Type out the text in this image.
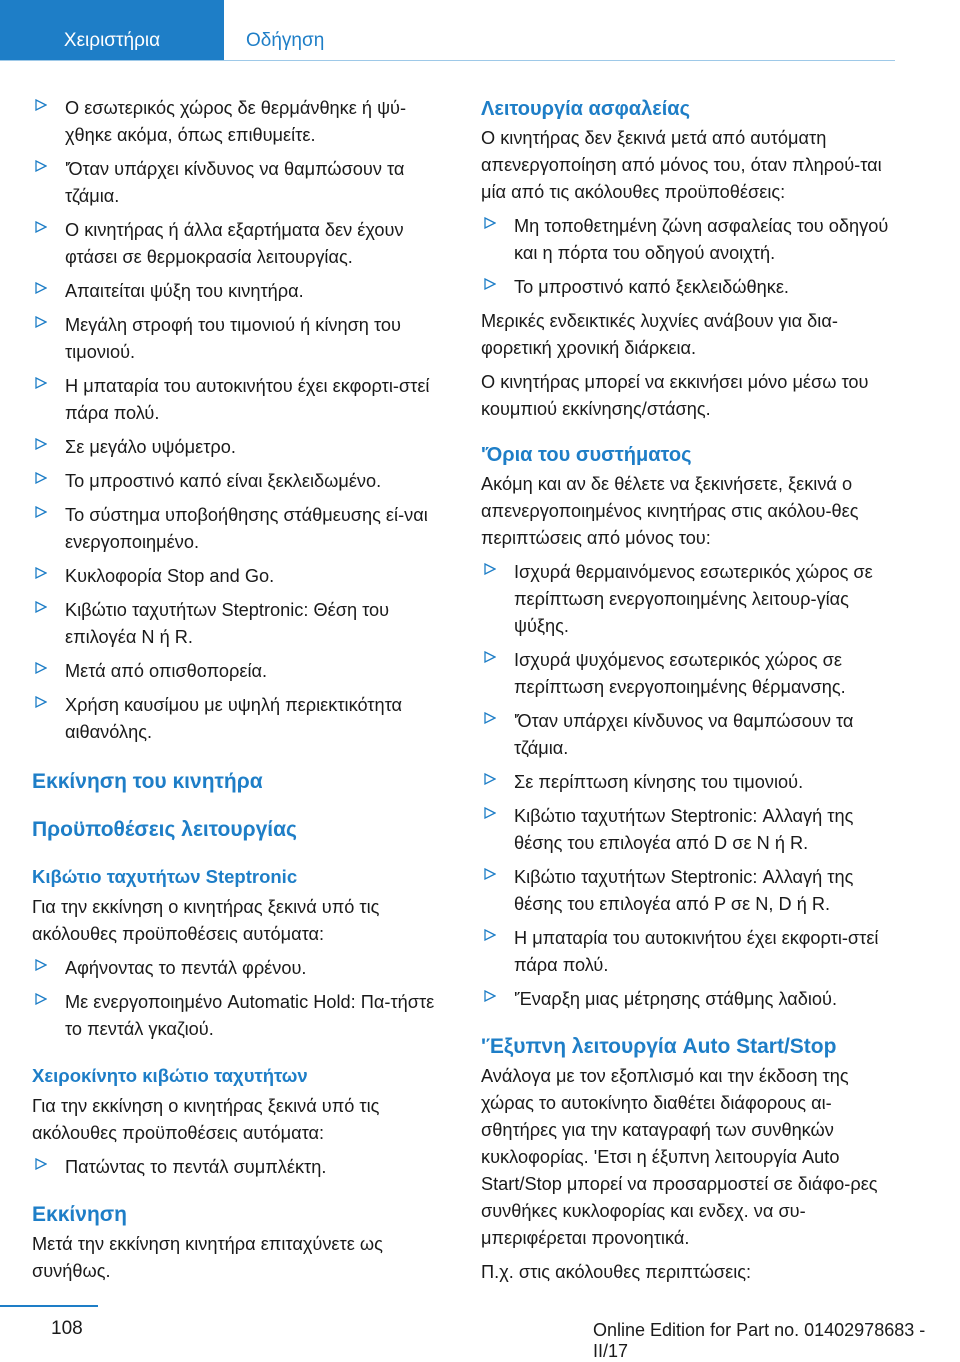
Χειριστήρια	Οδήγηση
Ο εσωτερικός χώρος δε θερμάνθηκε ή ψύ‐χθηκε ακόμα, όπως επιθυμείτε.
'Όταν υπάρχει κίνδυνος να θαμπώσουν τα τζάμια.
Ο κινητήρας ή άλλα εξαρτήματα δεν έχουν φτάσει σε θερμοκρασία λειτουργίας.
Απαιτείται ψύξη του κινητήρα.
Μεγάλη στροφή του τιμονιού ή κίνηση του τιμονιού.
Η μπαταρία του αυτοκινήτου έχει εκφορτι‐στεί πάρα πολύ.
Σε μεγάλο υψόμετρο.
Το μπροστινό καπό είναι ξεκλειδωμένο.
Το σύστημα υποβοήθησης στάθμευσης εί‐ναι ενεργοποιημένο.
Κυκλοφορία Stop and Go.
Κιβώτιο ταχυτήτων Steptronic: Θέση του επιλογέα N ή R.
Μετά από οπισθοπορεία.
Χρήση καυσίμου με υψηλή περιεκτικότητα αιθανόλης.
Εκκίνηση του κινητήρα
Προϋποθέσεις λειτουργίας
Κιβώτιο ταχυτήτων Steptronic
Για την εκκίνηση ο κινητήρας ξεκινά υπό τις ακόλουθες προϋποθέσεις αυτόματα:
Αφήνοντας το πεντάλ φρένου.
Με ενεργοποιημένο Automatic Hold: Πα‐τήστε το πεντάλ γκαζιού.
Χειροκίνητο κιβώτιο ταχυτήτων
Για την εκκίνηση ο κινητήρας ξεκινά υπό τις ακόλουθες προϋποθέσεις αυτόματα:
Πατώντας το πεντάλ συμπλέκτη.
Εκκίνηση
Μετά την εκκίνηση κινητήρα επιταχύνετε ως συνήθως.
Λειτουργία ασφαλείας
Ο κινητήρας δεν ξεκινά μετά από αυτόματη απενεργοποίηση από μόνος του, όταν πληρού‐ται μία από τις ακόλουθες προϋποθέσεις:
Μη τοποθετημένη ζώνη ασφαλείας του οδηγού και η πόρτα του οδηγού ανοιχτή.
Το μπροστινό καπό ξεκλειδώθηκε.
Μερικές ενδεικτικές λυχνίες ανάβουν για δια‐φορετική χρονική διάρκεια.
Ο κινητήρας μπορεί να εκκινήσει μόνο μέσω του κουμπιού εκκίνησης/στάσης.
'Όρια του συστήματος
Ακόμη και αν δε θέλετε να ξεκινήσετε, ξεκινά ο απενεργοποιημένος κινητήρας στις ακόλου‐θες περιπτώσεις από μόνος του:
Ισχυρά θερμαινόμενος εσωτερικός χώρος σε περίπτωση ενεργοποιημένης λειτουρ‐γίας ψύξης.
Ισχυρά ψυχόμενος εσωτερικός χώρος σε περίπτωση ενεργοποιημένης θέρμανσης.
'Όταν υπάρχει κίνδυνος να θαμπώσουν τα τζάμια.
Σε περίπτωση κίνησης του τιμονιού.
Κιβώτιο ταχυτήτων Steptronic: Αλλαγή της θέσης του επιλογέα από D σε N ή R.
Κιβώτιο ταχυτήτων Steptronic: Αλλαγή της θέσης του επιλογέα από P σε N, D ή R.
Η μπαταρία του αυτοκινήτου έχει εκφορτι‐στεί πάρα πολύ.
'Έναρξη μιας μέτρησης στάθμης λαδιού.
'Έξυπνη λειτουργία Auto Start/Stop
Ανάλογα με τον εξοπλισμό και την έκδοση της χώρας το αυτοκίνητο διαθέτει διάφορους αι‐σθητήρες για την καταγραφή των συνθηκών κυκλοφορίας. 'Ετσι η έξυπνη λειτουργία Auto Start/Stop μπορεί να προσαρμοστεί σε διάφο‐ρες συνθήκες κυκλοφορίας και ενδεχ. να συ‐μπεριφέρεται προνοητικά.
Π.χ. στις ακόλουθες περιπτώσεις:
108	Online Edition for Part no. 01402978683 - II/17
